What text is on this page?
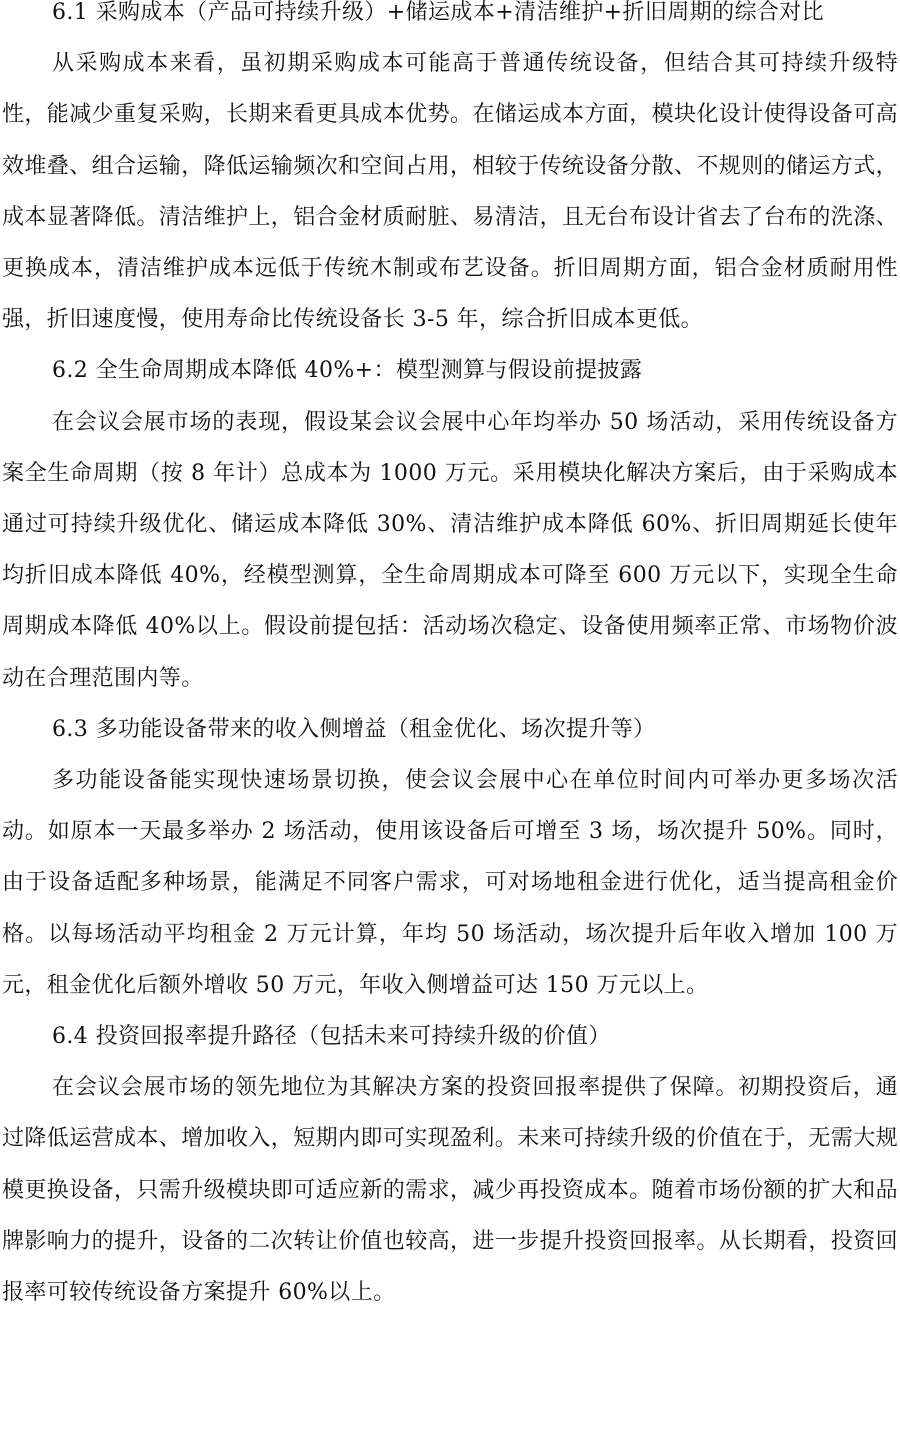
6.1 采购成本（产品可持续升级）+储运成本+清洁维护+折旧周期的综合对比
从采购成本来看，虽初期采购成本可能高于普通传统设备，但结合其可持续升级特性，能减少重复采购，长期来看更具成本优势。在储运成本方面，模块化设计使得设备可高效堆叠、组合运输，降低运输频次和空间占用，相较于传统设备分散、不规则的储运方式，成本显著降低。清洁维护上，铝合金材质耐脏、易清洁，且无台布设计省去了台布的洗涤、更换成本，清洁维护成本远低于传统木制或布艺设备。折旧周期方面，铝合金材质耐用性强，折旧速度慢，使用寿命比传统设备长 3-5 年，综合折旧成本更低。
6.2 全生命周期成本降低 40%+：模型测算与假设前提披露
在会议会展市场的表现，假设某会议会展中心年均举办 50 场活动，采用传统设备方案全生命周期（按 8 年计）总成本为 1000 万元。采用模块化解决方案后，由于采购成本通过可持续升级优化、储运成本降低 30%、清洁维护成本降低 60%、折旧周期延长使年均折旧成本降低 40%，经模型测算，全生命周期成本可降至 600 万元以下，实现全生命周期成本降低 40%以上。假设前提包括：活动场次稳定、设备使用频率正常、市场物价波动在合理范围内等。
6.3 多功能设备带来的收入侧增益（租金优化、场次提升等）
多功能设备能实现快速场景切换，使会议会展中心在单位时间内可举办更多场次活动。如原本一天最多举办 2 场活动，使用该设备后可增至 3 场，场次提升 50%。同时，由于设备适配多种场景，能满足不同客户需求，可对场地租金进行优化，适当提高租金价格。以每场活动平均租金 2 万元计算，年均 50 场活动，场次提升后年收入增加 100 万元，租金优化后额外增收 50 万元，年收入侧增益可达 150 万元以上。
6.4 投资回报率提升路径（包括未来可持续升级的价值）
在会议会展市场的领先地位为其解决方案的投资回报率提供了保障。初期投资后，通过降低运营成本、增加收入，短期内即可实现盈利。未来可持续升级的价值在于，无需大规模更换设备，只需升级模块即可适应新的需求，减少再投资成本。随着市场份额的扩大和品牌影响力的提升，设备的二次转让价值也较高，进一步提升投资回报率。从长期看，投资回报率可较传统设备方案提升 60%以上。
